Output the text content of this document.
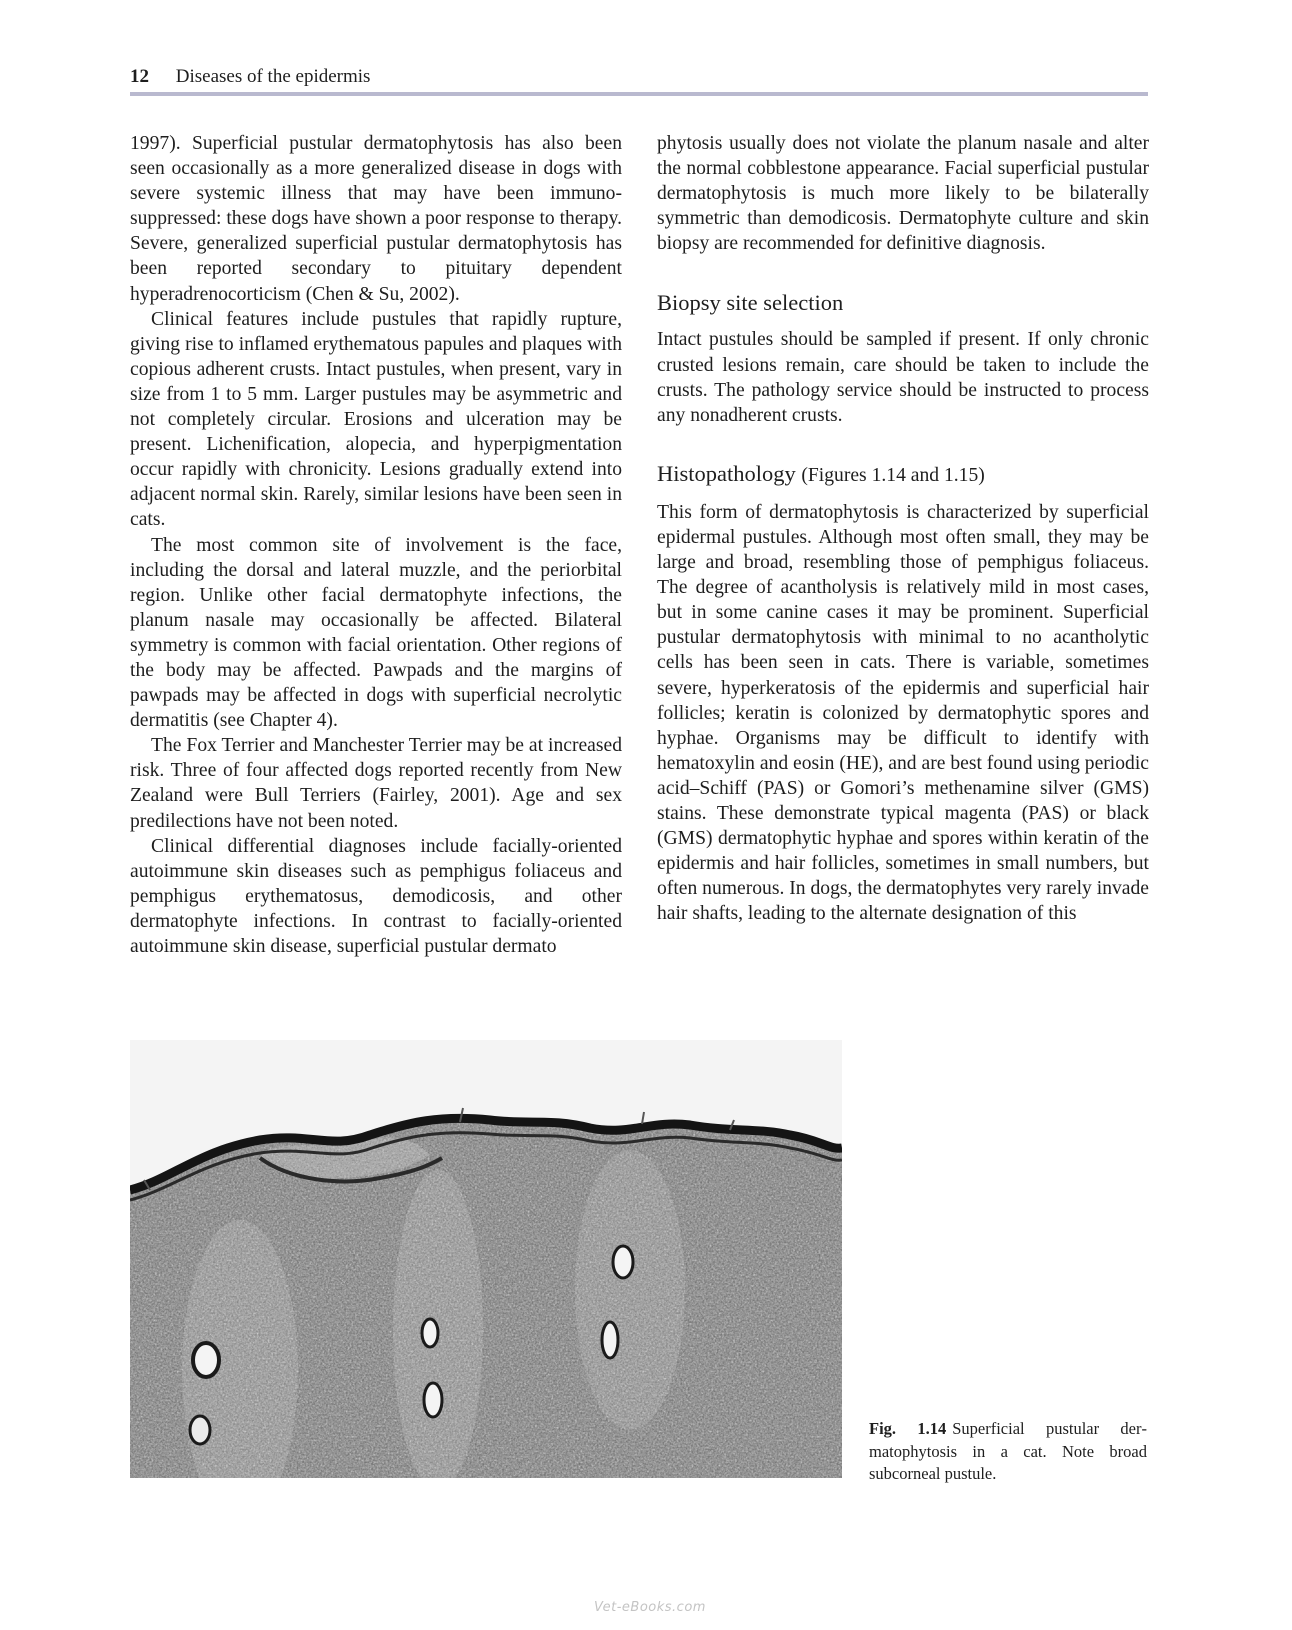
12 Diseases of the epidermis

1997). Superficial pustular dermatophytosis has also been seen occasionally as a more generalized disease in dogs with severe systemic illness that may have been immunosuppressed: these dogs have shown a poor response to therapy. Severe, generalized superficial pustular dermatophytosis has been reported secondary to pituitary dependent hyperadrenocorticism (Chen & Su, 2002).

Clinical features include pustules that rapidly rupture, giving rise to inflamed erythematous papules and plaques with copious adherent crusts. Intact pustules, when present, vary in size from 1 to 5 mm. Larger pustules may be asymmetric and not completely circular. Erosions and ulceration may be present. Lichenification, alopecia, and hyperpigmentation occur rapidly with chronicity. Lesions gradually extend into adjacent normal skin. Rarely, similar lesions have been seen in cats.

The most common site of involvement is the face, including the dorsal and lateral muzzle, and the periorbital region. Unlike other facial dermatophyte infections, the planum nasale may occasionally be affected. Bilateral symmetry is common with facial orientation. Other regions of the body may be affected. Pawpads and the margins of pawpads may be affected in dogs with superficial necrolytic dermatitis (see Chapter 4).

The Fox Terrier and Manchester Terrier may be at increased risk. Three of four affected dogs reported recently from New Zealand were Bull Terriers (Fairley, 2001). Age and sex predilections have not been noted.

Clinical differential diagnoses include facially-oriented autoimmune skin diseases such as pemphigus foliaceus and pemphigus erythematosus, demodicosis, and other dermatophyte infections. In contrast to facially-oriented autoimmune skin disease, superficial pustular dermato

phytosis usually does not violate the planum nasale and alter the normal cobblestone appearance. Facial superficial pustular dermatophytosis is much more likely to be bilaterally symmetric than demodicosis. Dermatophyte culture and skin biopsy are recommended for definitive diagnosis.

Biopsy site selection

Intact pustules should be sampled if present. If only chronic crusted lesions remain, care should be taken to include the crusts. The pathology service should be instructed to process any nonadherent crusts.

Histopathology (Figures 1.14 and 1.15)

This form of dermatophytosis is characterized by superficial epidermal pustules. Although most often small, they may be large and broad, resembling those of pemphigus foliaceus. The degree of acantholysis is relatively mild in most cases, but in some canine cases it may be prominent. Superficial pustular dermatophytosis with minimal to no acantholytic cells has been seen in cats. There is variable, sometimes severe, hyperkeratosis of the epidermis and superficial hair follicles; keratin is colonized by dermatophytic spores and hyphae. Organisms may be difficult to identify with hematoxylin and eosin (HE), and are best found using periodic acid–Schiff (PAS) or Gomori’s methenamine silver (GMS) stains. These demonstrate typical magenta (PAS) or black (GMS) dermatophytic hyphae and spores within keratin of the epidermis and hair follicles, sometimes in small numbers, but often numerous. In dogs, the dermatophytes very rarely invade hair shafts, leading to the alternate designation of this

Fig. 1.14 Superficial pustular dermatophytosis in a cat. Note broad subcorneal pustule.
Vet-eBooks.com
